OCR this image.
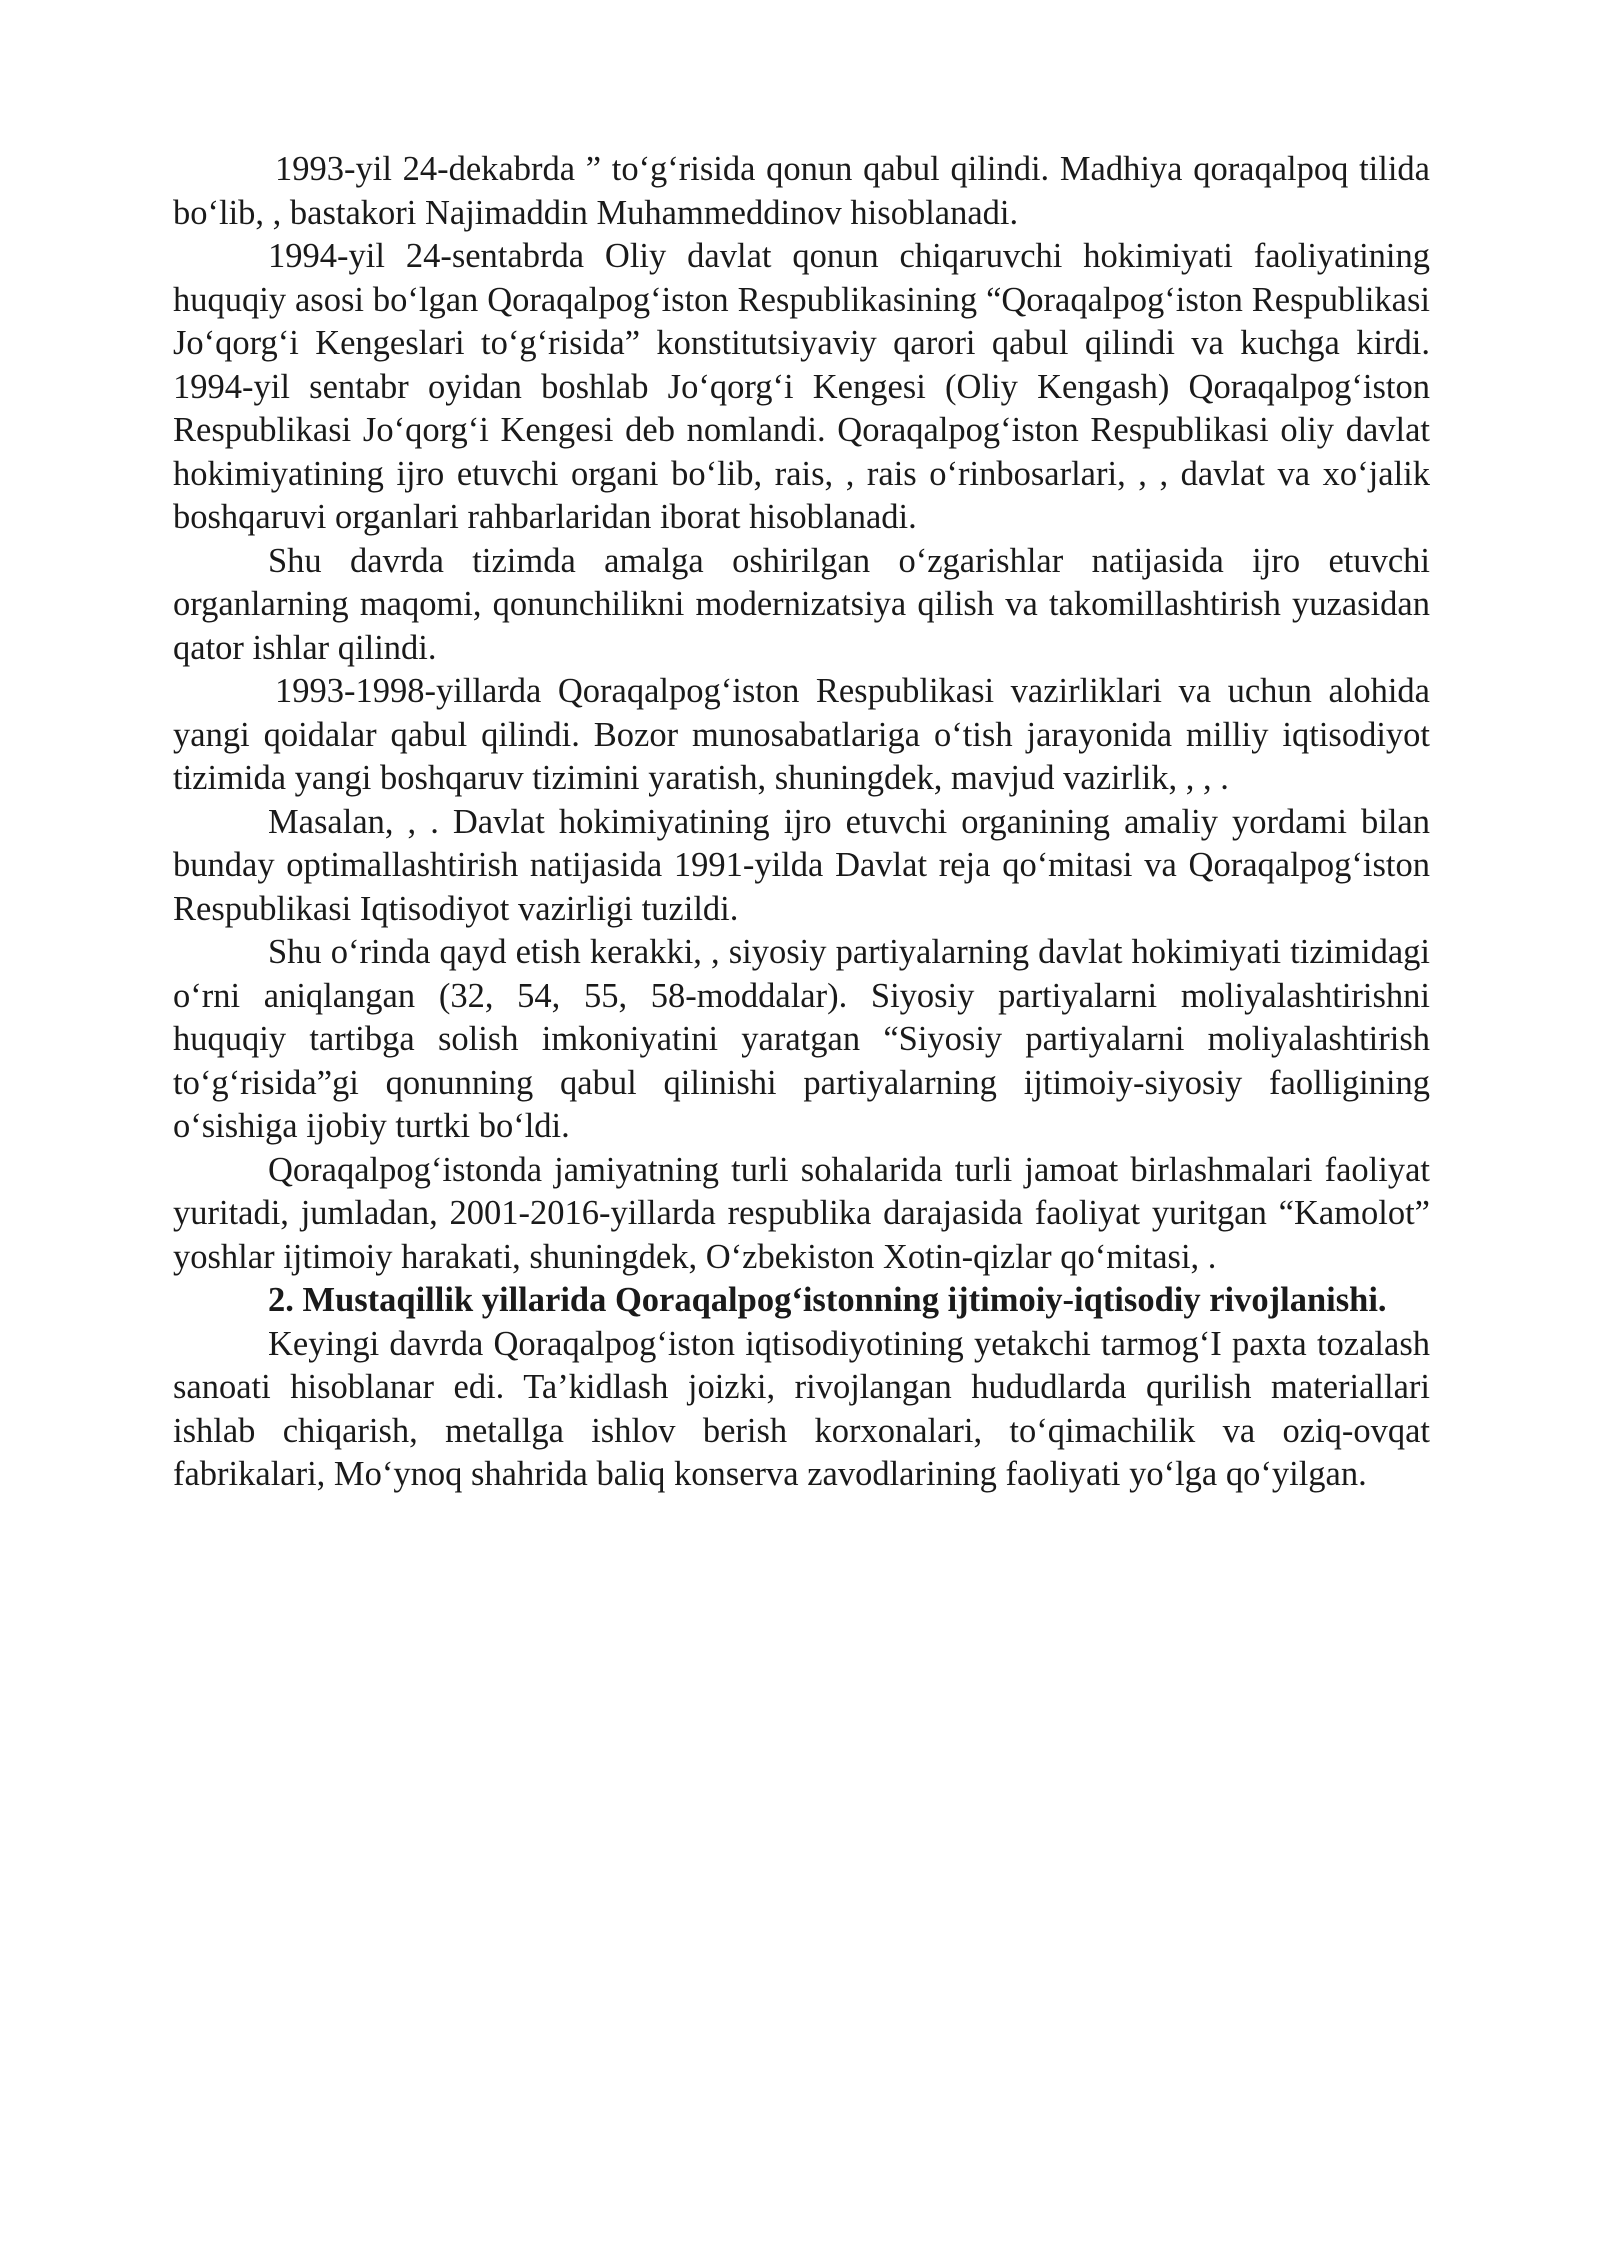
1993-yil 24-dekabrda ” to‘g‘risida qonun qabul qilindi. Madhiya qoraqalpoq tilida bo‘lib, , bastakori Najimaddin Muhammeddinov hisoblanadi.

1994-yil 24-sentabrda Oliy davlat qonun chiqaruvchi hokimiyati faoliyatining huquqiy asosi bo‘lgan Qoraqalpog‘iston Respublikasining “Qoraqalpog‘iston Respublikasi Jo‘qorg‘i Kengeslari to‘g‘risida” konstitutsiyaviy qarori qabul qilindi va kuchga kirdi. 1994-yil sentabr oyidan boshlab Jo‘qorg‘i Kengesi (Oliy Kengash) Qoraqalpog‘iston Respublikasi Jo‘qorg‘i Kengesi deb nomlandi. Qoraqalpog‘iston Respublikasi oliy davlat hokimiyatining ijro etuvchi organi bo‘lib, rais, , rais o‘rinbosarlari, , , davlat va xo‘jalik boshqaruvi organlari rahbarlaridan iborat hisoblanadi.

Shu davrda tizimda amalga oshirilgan o‘zgarishlar natijasida ijro etuvchi organlarning maqomi, qonunchilikni modernizatsiya qilish va takomillashtirish yuzasidan qator ishlar qilindi.

1993-1998-yillarda Qoraqalpog‘iston Respublikasi vazirliklari va uchun alohida yangi qoidalar qabul qilindi. Bozor munosabatlariga o‘tish jarayonida milliy iqtisodiyot tizimida yangi boshqaruv tizimini yaratish, shuningdek, mavjud vazirlik, , , .

Masalan, , . Davlat hokimiyatining ijro etuvchi organining amaliy yordami bilan bunday optimallashtirish natijasida 1991-yilda Davlat reja qo‘mitasi va Qoraqalpog‘iston Respublikasi Iqtisodiyot vazirligi tuzildi.

Shu o‘rinda qayd etish kerakki, , siyosiy partiyalarning davlat hokimiyati tizimidagi o‘rni aniqlangan (32, 54, 55, 58-moddalar). Siyosiy partiyalarni moliyalashtirishni huquqiy tartibga solish imkoniyatini yaratgan “Siyosiy partiyalarni moliyalashtirish to‘g‘risida”gi qonunning qabul qilinishi partiyalarning ijtimoiy-siyosiy faolligining o‘sishiga ijobiy turtki bo‘ldi.

Qoraqalpog‘istonda jamiyatning turli sohalarida turli jamoat birlashmalari faoliyat yuritadi, jumladan, 2001-2016-yillarda respublika darajasida faoliyat yuritgan “Kamolot” yoshlar ijtimoiy harakati, shuningdek, O‘zbekiston Xotin-qizlar qo‘mitasi, .

2. Mustaqillik yillarida Qoraqalpog‘istonning ijtimoiy-iqtisodiy rivojlanishi.

Keyingi davrda Qoraqalpog‘iston iqtisodiyotining yetakchi tarmog‘I paxta tozalash sanoati hisoblanar edi. Ta’kidlash joizki, rivojlangan hududlarda qurilish materiallari ishlab chiqarish, metallga ishlov berish korxonalari, to‘qimachilik va oziq-ovqat fabrikalari, Mo‘ynoq shahrida baliq konserva zavodlarining faoliyati yo‘lga qo‘yilgan.
